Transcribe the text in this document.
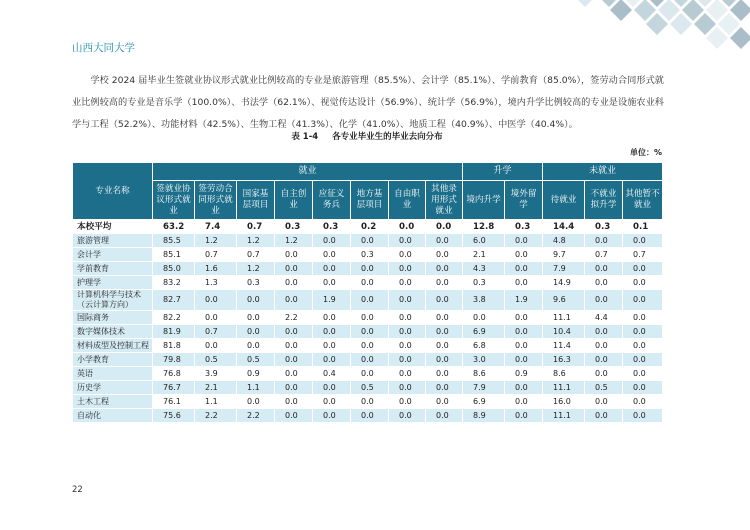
山西大同大学

学校 2024 届毕业生签就业协议形式就业比例较高的专业是旅游管理（85.5%）、会计学（85.1%）、学前教育（85.0%），签劳动合同形式就业比例较高的专业是音乐学（100.0%）、书法学（62.1%）、视觉传达设计（56.9%）、统计学（56.9%），境内升学比例较高的专业是设施农业科学与工程（52.2%）、功能材料（42.5%）、生物工程（41.3%）、化学（41.0%）、地质工程（40.9%）、中医学（40.4%）。

表 1-4 各专业毕业生的毕业去向分布
单位：%
专业名称	就业								升学		未就业		
	签就业协议形式就业	签劳动合同形式就业	国家基层项目	自主创业	应征义务兵	地方基层项目	自由职业	其他录用形式就业	境内升学	境外留学	待就业	不就业拟升学	其他暂不就业
本校平均	63.2	7.4	0.7	0.3	0.3	0.2	0.0	0.0	12.8	0.3	14.4	0.3	0.1
旅游管理	85.5	1.2	1.2	1.2	0.0	0.0	0.0	0.0	6.0	0.0	4.8	0.0	0.0
会计学	85.1	0.7	0.7	0.0	0.0	0.3	0.0	0.0	2.1	0.0	9.7	0.7	0.7
学前教育	85.0	1.6	1.2	0.0	0.0	0.0	0.0	0.0	4.3	0.0	7.9	0.0	0.0
护理学	83.2	1.3	0.3	0.0	0.0	0.0	0.0	0.0	0.3	0.0	14.9	0.0	0.0
计算机科学与技术（云计算方向）	82.7	0.0	0.0	0.0	1.9	0.0	0.0	0.0	3.8	1.9	9.6	0.0	0.0
国际商务	82.2	0.0	0.0	2.2	0.0	0.0	0.0	0.0	0.0	0.0	11.1	4.4	0.0
数字媒体技术	81.9	0.7	0.0	0.0	0.0	0.0	0.0	0.0	6.9	0.0	10.4	0.0	0.0
材料成型及控制工程	81.8	0.0	0.0	0.0	0.0	0.0	0.0	0.0	6.8	0.0	11.4	0.0	0.0
小学教育	79.8	0.5	0.5	0.0	0.0	0.0	0.0	0.0	3.0	0.0	16.3	0.0	0.0
英语	76.8	3.9	0.9	0.0	0.4	0.0	0.0	0.0	8.6	0.9	8.6	0.0	0.0
历史学	76.7	2.1	1.1	0.0	0.0	0.5	0.0	0.0	7.9	0.0	11.1	0.5	0.0
土木工程	76.1	1.1	0.0	0.0	0.0	0.0	0.0	0.0	6.9	0.0	16.0	0.0	0.0
自动化	75.6	2.2	2.2	0.0	0.0	0.0	0.0	0.0	8.9	0.0	11.1	0.0	0.0
22
